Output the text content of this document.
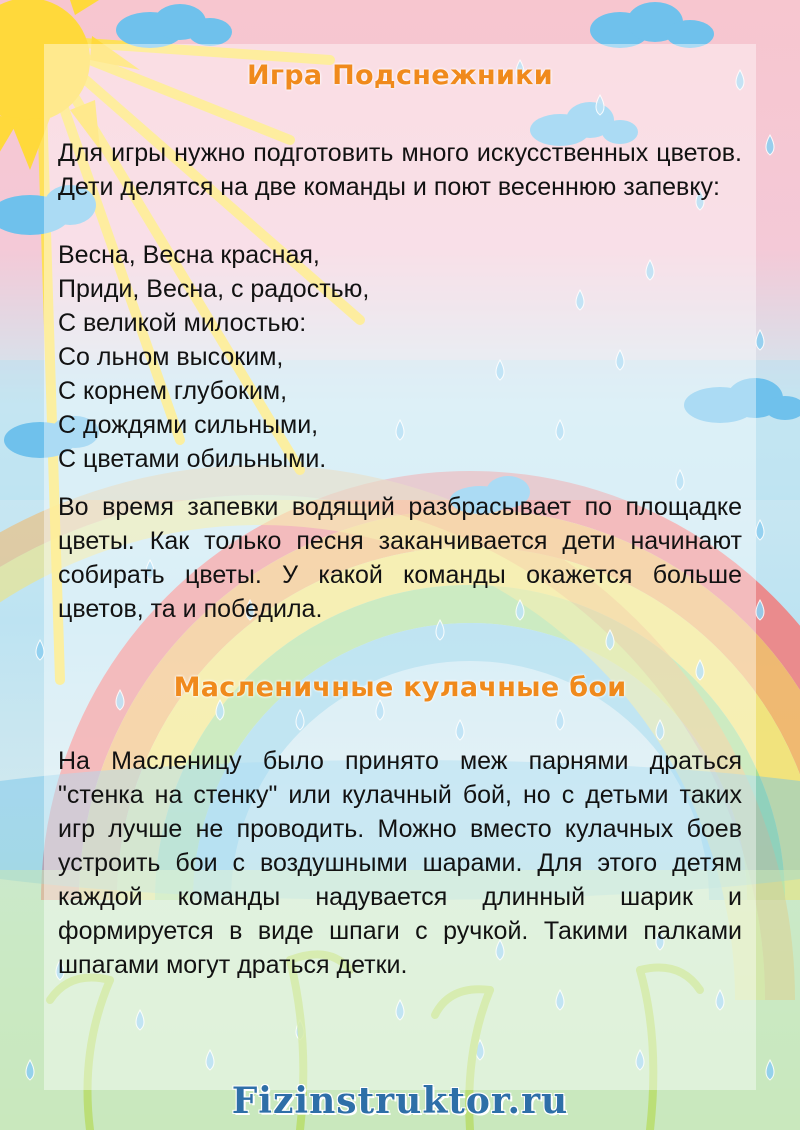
Игра Подснежники
Для игры нужно подготовить много искусственных цветов. Дети делятся на две команды и поют весеннюю запевку:
Весна, Весна красная,
Приди, Весна, с радостью,
С великой милостью:
Со льном высоким,
С корнем глубоким,
С дождями сильными,
С цветами обильными.
Во время запевки водящий разбрасывает по площадке цветы. Как только песня заканчивается дети начинают собирать цветы. У какой команды окажется больше цветов, та и победила.
Масленичные кулачные бои
На Масленицу было принято меж парнями драться "стенка на стенку" или кулачный бой, но с детьми таких игр лучше не проводить. Можно вместо кулачных боев устроить бои с воздушными шарами. Для этого детям каждой команды надувается длинный шарик и формируется в виде шпаги с ручкой. Такими палками шпагами могут драться детки.
Fizinstruktor.ru
